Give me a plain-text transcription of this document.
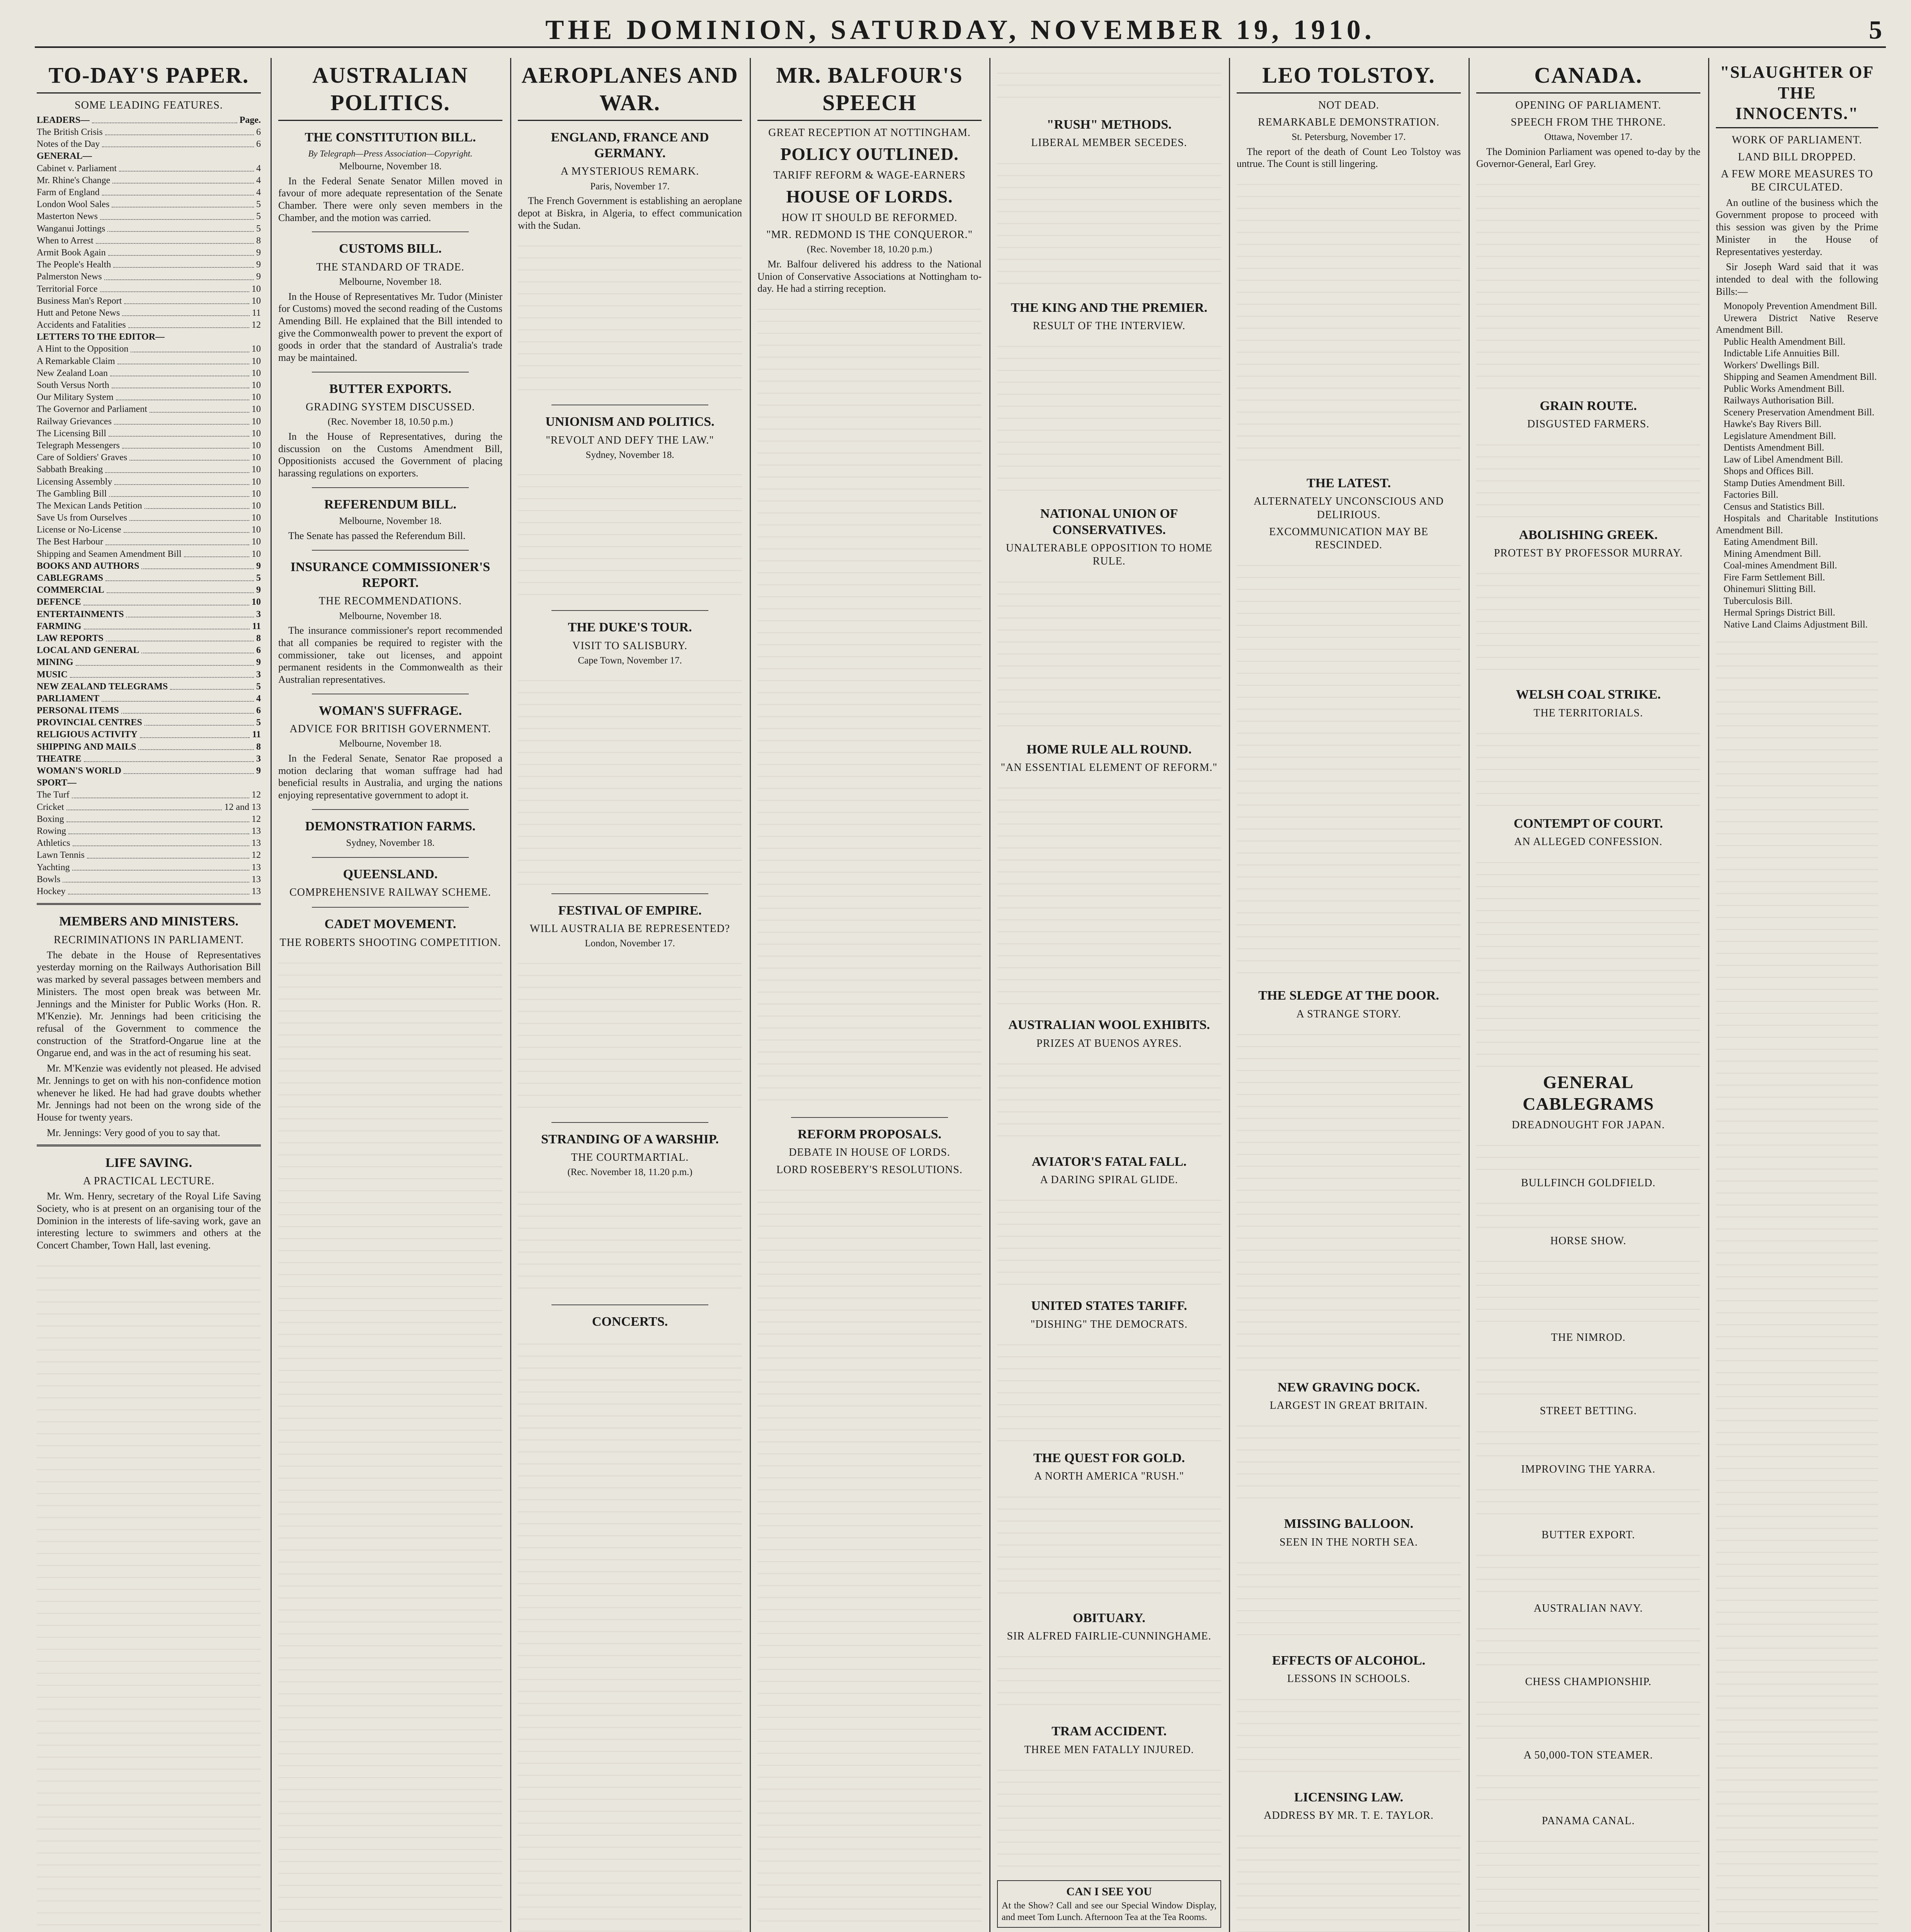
THE DOMINION, SATURDAY, NOVEMBER 19, 1910.	5
TO-DAY'S PAPER.
SOME LEADING FEATURES.
LEADERS—	Page.
The British Crisis	6
Notes of the Day	6
GENERAL—
Cabinet v. Parliament	4
Mr. Rhine's Change	4
Farm of England	4
London Wool Sales	5
Masterton News	5
Wanganui Jottings	5
When to Arrest	8
Armit Book Again	9
The People's Health	9
Palmerston News	9
Territorial Force	10
Business Man's Report	10
Hutt and Petone News	11
Accidents and Fatalities	12
LETTERS TO THE EDITOR—
A Hint to the Opposition	10
A Remarkable Claim	10
New Zealand Loan	10
South Versus North	10
Our Military System	10
The Governor and Parliament	10
Railway Grievances	10
The Licensing Bill	10
Telegraph Messengers	10
Care of Soldiers' Graves	10
Sabbath Breaking	10
Licensing Assembly	10
The Gambling Bill	10
The Mexican Lands Petition	10
Save Us from Ourselves	10
License or No-License	10
The Best Harbour	10
Shipping and Seamen Amendment Bill	10
BOOKS AND AUTHORS	9
CABLEGRAMS	5
COMMERCIAL	9
DEFENCE	10
ENTERTAINMENTS	3
FARMING	11
LAW REPORTS	8
LOCAL AND GENERAL	6
MINING	9
MUSIC	3
NEW ZEALAND TELEGRAMS	5
PARLIAMENT	4
PERSONAL ITEMS	6
PROVINCIAL CENTRES	5
RELIGIOUS ACTIVITY	11
SHIPPING AND MAILS	8
THEATRE	3
WOMAN'S WORLD	9
SPORT—
The Turf	12
Cricket	12 and 13
Boxing	12
Rowing	13
Athletics	13
Lawn Tennis	12
Yachting	13
Bowls	13
Hockey	13
MEMBERS AND MINISTERS.
RECRIMINATIONS IN PARLIAMENT.

The debate in the House of Representatives yesterday morning on the Railways Authorisation Bill was marked by several passages between members and Ministers. The most open break was between Mr. Jennings and the Minister for Public Works (Hon. R. M'Kenzie). Mr. Jennings had been criticising the refusal of the Government to commence the construction of the Stratford-Ongarue line at the Ongarue end, and was in the act of resuming his seat.

Mr. M'Kenzie was evidently not pleased. He advised Mr. Jennings to get on with his non-confidence motion whenever he liked. He had had grave doubts whether Mr. Jennings had not been on the wrong side of the House for twenty years.

Mr. Jennings: Very good of you to say that.

LIFE SAVING.
A PRACTICAL LECTURE.

Mr. Wm. Henry, secretary of the Royal Life Saving Society, who is at present on an organising tour of the Dominion in the interests of life-saving work, gave an interesting lecture to swimmers and others at the Concert Chamber, Town Hall, last evening.

AUSTRALIAN POLITICS.
THE CONSTITUTION BILL.
By Telegraph—Press Association—Copyright.
Melbourne, November 18.

In the Federal Senate Senator Millen moved in favour of more adequate representation of the Senate Chamber. There were only seven members in the Chamber, and the motion was carried.

CUSTOMS BILL.
THE STANDARD OF TRADE.
Melbourne, November 18.

In the House of Representatives Mr. Tudor (Minister for Customs) moved the second reading of the Customs Amending Bill. He explained that the Bill intended to give the Commonwealth power to prevent the export of goods in order that the standard of Australia's trade may be maintained.

BUTTER EXPORTS.
GRADING SYSTEM DISCUSSED.
(Rec. November 18, 10.50 p.m.)

In the House of Representatives, during the discussion on the Customs Amendment Bill, Oppositionists accused the Government of placing harassing regulations on exporters.

REFERENDUM BILL.
Melbourne, November 18.

The Senate has passed the Referendum Bill.

INSURANCE COMMISSIONER'S REPORT.
THE RECOMMENDATIONS.
Melbourne, November 18.

The insurance commissioner's report recommended that all companies be required to register with the commissioner, take out licenses, and appoint permanent residents in the Commonwealth as their Australian representatives.

WOMAN'S SUFFRAGE.
ADVICE FOR BRITISH GOVERNMENT.
Melbourne, November 18.

In the Federal Senate, Senator Rae proposed a motion declaring that woman suffrage had had beneficial results in Australia, and urging the nations enjoying representative government to adopt it.

DEMONSTRATION FARMS.
Sydney, November 18.
QUEENSLAND.
COMPREHENSIVE RAILWAY SCHEME.
CADET MOVEMENT.
THE ROBERTS SHOOTING COMPETITION.
AEROPLANES AND WAR.
ENGLAND, FRANCE AND GERMANY.
A MYSTERIOUS REMARK.
Paris, November 17.

The French Government is establishing an aeroplane depot at Biskra, in Algeria, to effect communication with the Sudan.

UNIONISM AND POLITICS.
"REVOLT AND DEFY THE LAW."
Sydney, November 18.
THE DUKE'S TOUR.
VISIT TO SALISBURY.
Cape Town, November 17.
FESTIVAL OF EMPIRE.
WILL AUSTRALIA BE REPRESENTED?
London, November 17.
STRANDING OF A WARSHIP.
THE COURTMARTIAL.
(Rec. November 18, 11.20 p.m.)
CONCERTS.
MR. BALFOUR'S SPEECH
GREAT RECEPTION AT NOTTINGHAM.
POLICY OUTLINED.
TARIFF REFORM & WAGE-EARNERS
HOUSE OF LORDS.
HOW IT SHOULD BE REFORMED.
"MR. REDMOND IS THE CONQUEROR."
(Rec. November 18, 10.20 p.m.)

Mr. Balfour delivered his address to the National Union of Conservative Associations at Nottingham to-day. He had a stirring reception.

REFORM PROPOSALS.
DEBATE IN HOUSE OF LORDS.
LORD ROSEBERY'S RESOLUTIONS.
"RUSH" METHODS.
LIBERAL MEMBER SECEDES.
THE KING AND THE PREMIER.
RESULT OF THE INTERVIEW.
NATIONAL UNION OF CONSERVATIVES.
UNALTERABLE OPPOSITION TO HOME RULE.
HOME RULE ALL ROUND.
"AN ESSENTIAL ELEMENT OF REFORM."
AUSTRALIAN WOOL EXHIBITS.
PRIZES AT BUENOS AYRES.
AVIATOR'S FATAL FALL.
A DARING SPIRAL GLIDE.
UNITED STATES TARIFF.
"DISHING" THE DEMOCRATS.
THE QUEST FOR GOLD.
A NORTH AMERICA "RUSH."
OBITUARY.
SIR ALFRED FAIRLIE-CUNNINGHAME.
TRAM ACCIDENT.
THREE MEN FATALLY INJURED.
CAN I SEE YOU
At the Show? Call and see our Special Window Display, and meet Tom Lunch. Afternoon Tea at the Tea Rooms.
LEO TOLSTOY.
NOT DEAD.
REMARKABLE DEMONSTRATION.
St. Petersburg, November 17.

The report of the death of Count Leo Tolstoy was untrue. The Count is still lingering.

THE LATEST.
ALTERNATELY UNCONSCIOUS AND DELIRIOUS.
EXCOMMUNICATION MAY BE RESCINDED.
THE SLEDGE AT THE DOOR.
A STRANGE STORY.
NEW GRAVING DOCK.
LARGEST IN GREAT BRITAIN.
MISSING BALLOON.
SEEN IN THE NORTH SEA.
EFFECTS OF ALCOHOL.
LESSONS IN SCHOOLS.
LICENSING LAW.
ADDRESS BY MR. T. E. TAYLOR.
CANADA.
OPENING OF PARLIAMENT.
SPEECH FROM THE THRONE.
Ottawa, November 17.

The Dominion Parliament was opened to-day by the Governor-General, Earl Grey.

GRAIN ROUTE.
DISGUSTED FARMERS.
ABOLISHING GREEK.
PROTEST BY PROFESSOR MURRAY.
WELSH COAL STRIKE.
THE TERRITORIALS.
CONTEMPT OF COURT.
AN ALLEGED CONFESSION.
GENERAL CABLEGRAMS
DREADNOUGHT FOR JAPAN.
BULLFINCH GOLDFIELD.
HORSE SHOW.
THE NIMROD.
STREET BETTING.
IMPROVING THE YARRA.
BUTTER EXPORT.
AUSTRALIAN NAVY.
CHESS CHAMPIONSHIP.
A 50,000-TON STEAMER.
PANAMA CANAL.
"SLAUGHTER OF THE INNOCENTS."
WORK OF PARLIAMENT.
LAND BILL DROPPED.
A FEW MORE MEASURES TO BE CIRCULATED.

An outline of the business which the Government propose to proceed with this session was given by the Prime Minister in the House of Representatives yesterday.

Sir Joseph Ward said that it was intended to deal with the following Bills:—

Monopoly Prevention Amendment Bill.
Urewera District Native Reserve Amendment Bill.
Public Health Amendment Bill.
Indictable Life Annuities Bill.
Workers' Dwellings Bill.
Shipping and Seamen Amendment Bill.
Public Works Amendment Bill.
Railways Authorisation Bill.
Scenery Preservation Amendment Bill.
Hawke's Bay Rivers Bill.
Legislature Amendment Bill.
Dentists Amendment Bill.
Law of Libel Amendment Bill.
Shops and Offices Bill.
Stamp Duties Amendment Bill.
Factories Bill.
Census and Statistics Bill.
Hospitals and Charitable Institutions Amendment Bill.
Eating Amendment Bill.
Mining Amendment Bill.
Coal-mines Amendment Bill.
Fire Farm Settlement Bill.
Ohinemuri Slitting Bill.
Tuberculosis Bill.
Hermal Springs District Bill.
Native Land Claims Adjustment Bill.
